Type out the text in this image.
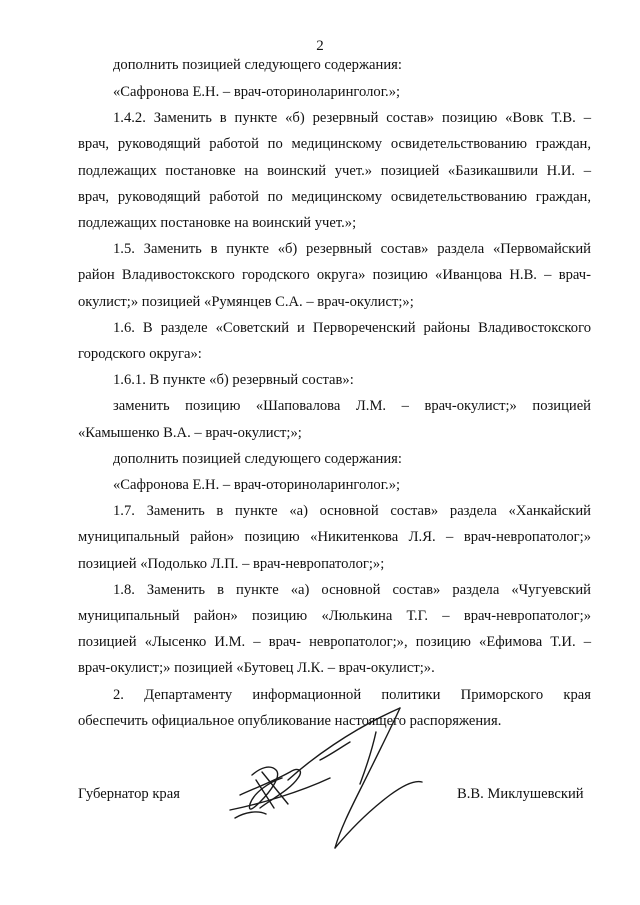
2
дополнить позицией следующего содержания:
«Сафронова Е.Н. – врач-оториноларинголог.»;
1.4.2. Заменить в пункте «б) резервный состав» позицию «Вовк Т.В. –
врач, руководящий работой по медицинскому освидетельствованию граждан,
подлежащих постановке на воинский учет.» позицией «Базикашвили Н.И. –
врач, руководящий работой по медицинскому освидетельствованию граждан,
подлежащих постановке на воинский учет.»;
1.5. Заменить в пункте «б) резервный состав» раздела «Первомайский
район Владивостокского городского округа» позицию «Иванцова Н.В. – врач-
окулист;» позицией «Румянцев С.А. – врач-окулист;»;
1.6. В разделе «Советский и Первореченский районы Владивостокского
городского округа»:
1.6.1. В пункте «б) резервный состав»:
заменить позицию «Шаповалова Л.М. – врач-окулист;» позицией
«Камышенко В.А. – врач-окулист;»;
дополнить позицией следующего содержания:
«Сафронова Е.Н. – врач-оториноларинголог.»;
1.7. Заменить в пункте «а) основной состав» раздела «Ханкайский
муниципальный район» позицию «Никитенкова Л.Я. – врач-невропатолог;»
позицией «Подолько Л.П. – врач-невропатолог;»;
1.8. Заменить в пункте «а) основной состав» раздела «Чугуевский
муниципальный район» позицию «Люлькина Т.Г. – врач-невропатолог;»
позицией «Лысенко И.М. – врач- невропатолог;», позицию «Ефимова Т.И. –
врач-окулист;» позицией «Бутовец Л.К. – врач-окулист;».
2. Департаменту информационной политики Приморского края
обеспечить официальное опубликование настоящего распоряжения.
Губернатор края	В.В. Миклушевский
